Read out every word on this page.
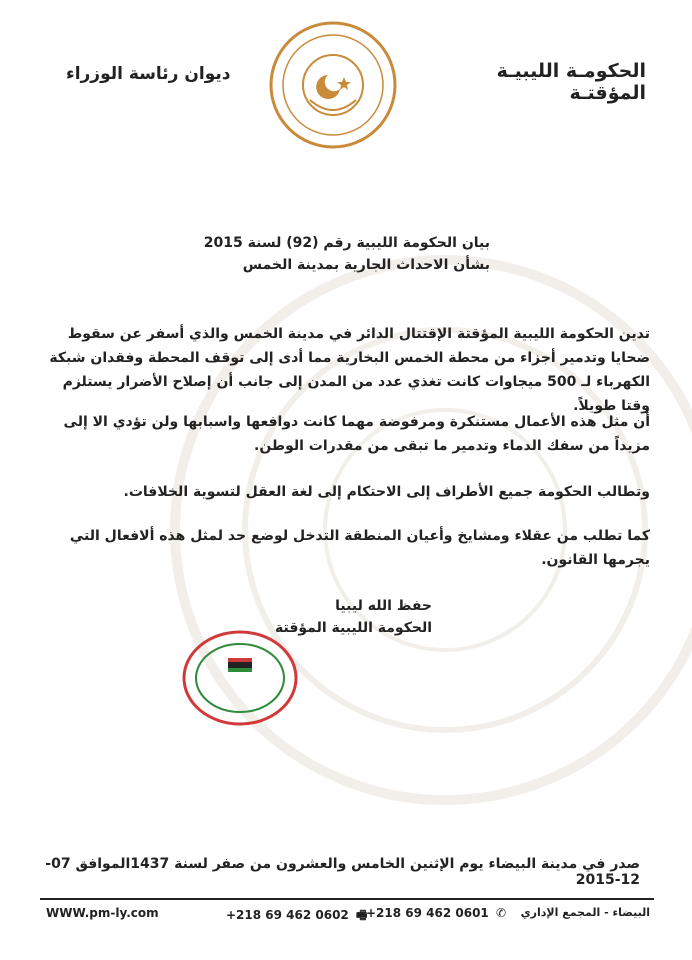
الحكومـة الليبيـة المؤقتـة
ديوان رئاسة الوزراء
بيان الحكومة الليبية رقم (92) لسنة 2015
بشأن الاحداث الجارية بمدينة الخمس
تدين الحكومة الليبية المؤقتة الإقتتال الدائر في مدينة الخمس والذي أسفر عن سقوط ضحايا وتدمير أجزاء من محطة الخمس البخارية مما أدى إلى توقف المحطة وفقدان شبكة الكهرباء لـ 500 ميجاوات كانت تغذي عدد من المدن إلى جانب أن إصلاح الأضرار يستلزم وقتا طويلاً.
أن مثل هذه الأعمال مستنكرة ومرفوضة مهما كانت دوافعها واسبابها ولن تؤدي الا إلى مزيداً من سفك الدماء وتدمير ما تبقى من مقدرات الوطن.
وتطالب الحكومة جميع الأطراف إلى الاحتكام إلى لغة العقل لتسوية الخلافات.
كما تطلب من عقلاء ومشايخ وأعيان المنطقة التدخل لوضع حد لمثل هذه ألافعال التي يجرمها القانون.
حفظ الله ليبيا
الحكومة الليبية المؤقتة
صدر في مدينة البيضاء يوم الإثنين الخامس والعشرون من صفر لسنة 1437الموافق 07-12-2015
WWW.pm-ly.com	+218 69 462 0602 🖷
+218 69 462 0601 ✆ البيضاء - المجمع الإداري
